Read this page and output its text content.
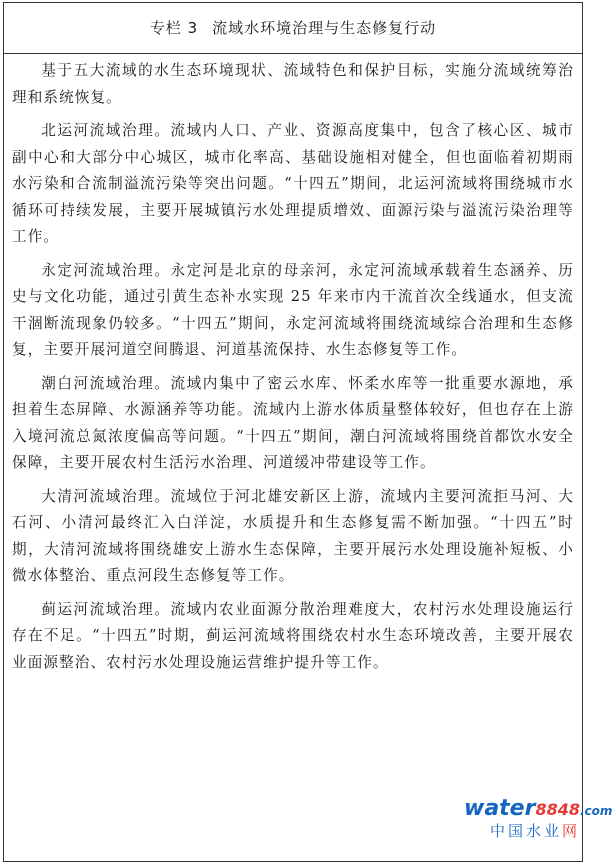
专栏 3 流域水环境治理与生态修复行动

基于五大流域的水生态环境现状、流域特色和保护目标，实施分流域统筹治理和系统恢复。

北运河流域治理。流域内人口、产业、资源高度集中，包含了核心区、城市副中心和大部分中心城区，城市化率高、基础设施相对健全，但也面临着初期雨水污染和合流制溢流污染等突出问题。“十四五”期间，北运河流域将围绕城市水循环可持续发展，主要开展城镇污水处理提质增效、面源污染与溢流污染治理等工作。

永定河流域治理。永定河是北京的母亲河，永定河流域承载着生态涵养、历史与文化功能，通过引黄生态补水实现 25 年来市内干流首次全线通水，但支流干涸断流现象仍较多。“十四五”期间，永定河流域将围绕流域综合治理和生态修复，主要开展河道空间腾退、河道基流保持、水生态修复等工作。

潮白河流域治理。流域内集中了密云水库、怀柔水库等一批重要水源地，承担着生态屏障、水源涵养等功能。流域内上游水体质量整体较好，但也存在上游入境河流总氮浓度偏高等问题。“十四五”期间，潮白河流域将围绕首都饮水安全保障，主要开展农村生活污水治理、河道缓冲带建设等工作。

大清河流域治理。流域位于河北雄安新区上游，流域内主要河流拒马河、大石河、小清河最终汇入白洋淀，水质提升和生态修复需不断加强。“十四五”时期，大清河流域将围绕雄安上游水生态保障，主要开展污水处理设施补短板、小微水体整治、重点河段生态修复等工作。

蓟运河流域治理。流域内农业面源分散治理难度大，农村污水处理设施运行存在不足。“十四五”时期，蓟运河流域将围绕农村水生态环境改善，主要开展农业面源整治、农村污水处理设施运营维护提升等工作。

water8848.com
中国水业网
